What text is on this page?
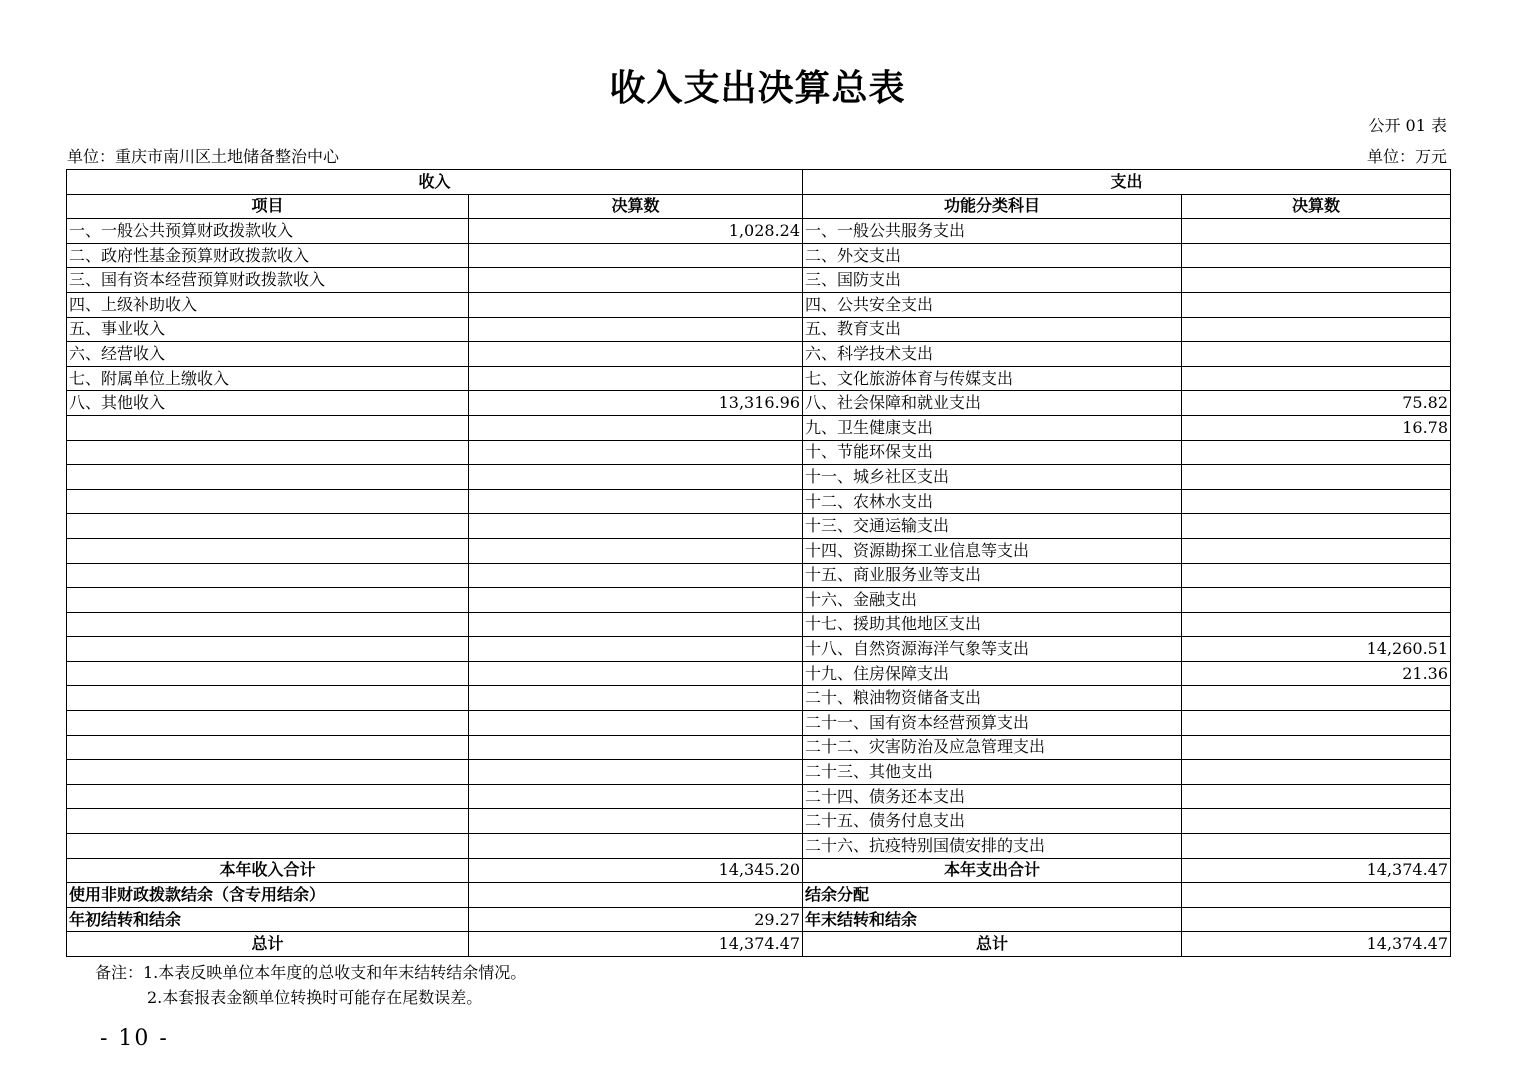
收入支出决算总表
公开 01 表
单位：重庆市南川区土地储备整治中心	单位：万元
收入		支出	
项目	决算数	功能分类科目	决算数
一、一般公共预算财政拨款收入	1,028.24	一、一般公共服务支出	
二、政府性基金预算财政拨款收入		二、外交支出	
三、国有资本经营预算财政拨款收入		三、国防支出	
四、上级补助收入		四、公共安全支出	
五、事业收入		五、教育支出	
六、经营收入		六、科学技术支出	
七、附属单位上缴收入		七、文化旅游体育与传媒支出	
八、其他收入	13,316.96	八、社会保障和就业支出	75.82
		九、卫生健康支出	16.78
		十、节能环保支出	
		十一、城乡社区支出	
		十二、农林水支出	
		十三、交通运输支出	
		十四、资源勘探工业信息等支出	
		十五、商业服务业等支出	
		十六、金融支出	
		十七、援助其他地区支出	
		十八、自然资源海洋气象等支出	14,260.51
		十九、住房保障支出	21.36
		二十、粮油物资储备支出	
		二十一、国有资本经营预算支出	
		二十二、灾害防治及应急管理支出	
		二十三、其他支出	
		二十四、债务还本支出	
		二十五、债务付息支出	
		二十六、抗疫特别国债安排的支出	
本年收入合计	14,345.20	本年支出合计	14,374.47
使用非财政拨款结余（含专用结余）		结余分配	
年初结转和结余	29.27	年末结转和结余	
总计	14,374.47	总计	14,374.47
备注：1.本表反映单位本年度的总收支和年末结转结余情况。
2.本套报表金额单位转换时可能存在尾数误差。
- 10 -
